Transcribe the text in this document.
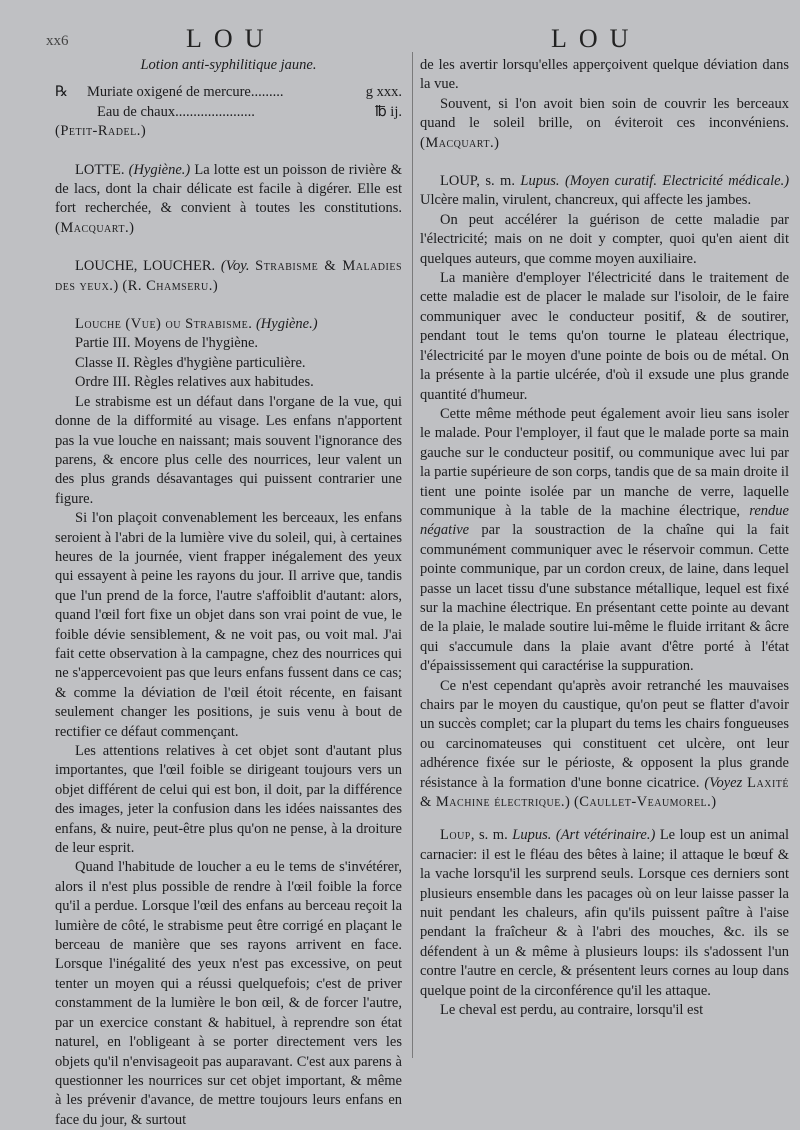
xx6	LOU	LOU

Lotion anti-syphilitique jaune.

℞ Muriate oxigené de mercure.........	g xxx.
Eau de chaux......................	℔ ij.

(Petit-Radel.)

LOTTE. (Hygiène.) La lotte est un poisson de rivière & de lacs, dont la chair délicate est facile à digérer. Elle est fort recherchée, & convient à toutes les constitutions. (Macquart.)

LOUCHE, LOUCHER. (Voy. Strabisme & Maladies des yeux.) (R. Chamseru.)

Louche (Vue) ou Strabisme. (Hygiène.)

Partie III. Moyens de l'hygiène.

Classe II. Règles d'hygiène particulière.

Ordre III. Règles relatives aux habitudes.

Le strabisme est un défaut dans l'organe de la vue, qui donne de la difformité au visage. Les enfans n'apportent pas la vue louche en naissant; mais souvent l'ignorance des parens, & encore plus celle des nourrices, leur valent un des plus grands désavantages qui puissent contrarier une figure.

Si l'on plaçoit convenablement les berceaux, les enfans seroient à l'abri de la lumière vive du soleil, qui, à certaines heures de la journée, vient frapper inégalement des yeux qui essayent à peine les rayons du jour. Il arrive que, tandis que l'un prend de la force, l'autre s'affoiblit d'autant: alors, quand l'œil fort fixe un objet dans son vrai point de vue, le foible dévie sensiblement, & ne voit pas, ou voit mal. J'ai fait cette observation à la campagne, chez des nourrices qui ne s'appercevoient pas que leurs enfans fussent dans ce cas; & comme la déviation de l'œil étoit récente, en faisant seulement changer les positions, je suis venu à bout de rectifier ce défaut commençant.

Les attentions relatives à cet objet sont d'autant plus importantes, que l'œil foible se dirigeant toujours vers un objet différent de celui qui est bon, il doit, par la différence des images, jeter la confusion dans les idées naissantes des enfans, & nuire, peut-être plus qu'on ne pense, à la droiture de leur esprit.

Quand l'habitude de loucher a eu le tems de s'invétérer, alors il n'est plus possible de rendre à l'œil foible la force qu'il a perdue. Lorsque l'œil des enfans au berceau reçoit la lumière de côté, le strabisme peut être corrigé en plaçant le berceau de manière que ses rayons arrivent en face. Lorsque l'inégalité des yeux n'est pas excessive, on peut tenter un moyen qui a réussi quelquefois; c'est de priver constamment de la lumière le bon œil, & de forcer l'autre, par un exercice constant & habituel, à reprendre son état naturel, en l'obligeant à se porter directement vers les objets qu'il n'envisageoit pas auparavant. C'est aux parens à questionner les nourrices sur cet objet important, & même à les prévenir d'avance, de mettre toujours leurs enfans en face du jour, & surtout

de les avertir lorsqu'elles apperçoivent quelque déviation dans la vue.

Souvent, si l'on avoit bien soin de couvrir les berceaux quand le soleil brille, on éviteroit ces inconvéniens. (Macquart.)

LOUP, s. m. Lupus. (Moyen curatif. Electricité médicale.) Ulcère malin, virulent, chancreux, qui affecte les jambes.

On peut accélérer la guérison de cette maladie par l'électricité; mais on ne doit y compter, quoi qu'en aient dit quelques auteurs, que comme moyen auxiliaire.

La manière d'employer l'électricité dans le traitement de cette maladie est de placer le malade sur l'isoloir, de le faire communiquer avec le conducteur positif, & de soutirer, pendant tout le tems qu'on tourne le plateau électrique, l'électricité par le moyen d'une pointe de bois ou de métal. On la présente à la partie ulcérée, d'où il exsude une plus grande quantité d'humeur.

Cette même méthode peut également avoir lieu sans isoler le malade. Pour l'employer, il faut que le malade porte sa main gauche sur le conducteur positif, ou communique avec lui par la partie supérieure de son corps, tandis que de sa main droite il tient une pointe isolée par un manche de verre, laquelle communique à la table de la machine électrique, rendue négative par la soustraction de la chaîne qui la fait communément communiquer avec le réservoir commun. Cette pointe communique, par un cordon creux, de laine, dans lequel passe un lacet tissu d'une substance métallique, lequel est fixé sur la machine électrique. En présentant cette pointe au devant de la plaie, le malade soutire lui-même le fluide irritant & âcre qui s'accumule dans la plaie avant d'être porté à l'état d'épaississement qui caractérise la suppuration.

Ce n'est cependant qu'après avoir retranché les mauvaises chairs par le moyen du caustique, qu'on peut se flatter d'avoir un succès complet; car la plupart du tems les chairs fongueuses ou carcinomateuses qui constituent cet ulcère, ont leur adhérence fixée sur le périoste, & opposent la plus grande résistance à la formation d'une bonne cicatrice. (Voyez Laxité & Machine électrique.) (Caullet-Veaumorel.)

Loup, s. m. Lupus. (Art vétérinaire.) Le loup est un animal carnacier: il est le fléau des bêtes à laine; il attaque le bœuf & la vache lorsqu'il les surprend seuls. Lorsque ces derniers sont plusieurs ensemble dans les pacages où on leur laisse passer la nuit pendant les chaleurs, afin qu'ils puissent paître à l'aise pendant la fraîcheur & à l'abri des mouches, &c. ils se défendent à un & même à plusieurs loups: ils s'adossent l'un contre l'autre en cercle, & présentent leurs cornes au loup dans quelque point de la circonférence qu'il les attaque.

Le cheval est perdu, au contraire, lorsqu'il est
